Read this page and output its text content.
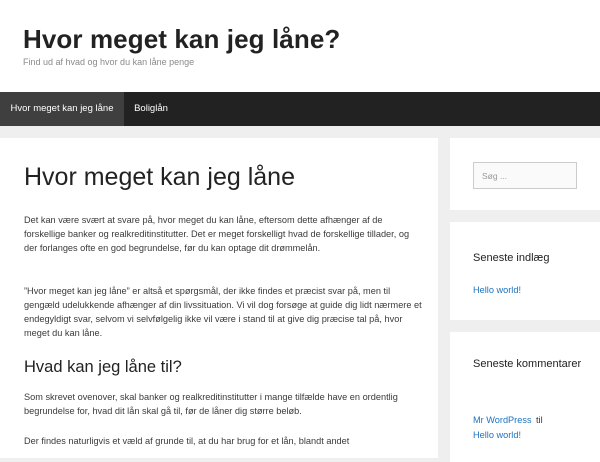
Hvor meget kan jeg låne?
Find ud af hvad og hvor du kan låne penge
Hvor meget kan jeg låne	Boliglån
Hvor meget kan jeg låne

Det kan være svært at svare på, hvor meget du kan låne, eftersom dette afhænger af de forskellige banker og realkreditinstitutter. Det er meget forskelligt hvad de forskellige tillader, og der forlanges ofte en god begrundelse, før du kan optage dit drømmelån.

”Hvor meget kan jeg låne” er altså et spørgsmål, der ikke findes et præcist svar på, men til gengæld udelukkende afhænger af din livssituation. Vi vil dog forsøge at guide dig lidt nærmere et endegyldigt svar, selvom vi selvfølgelig ikke vil være i stand til at give dig præcise tal på, hvor meget du kan låne.

Hvad kan jeg låne til?

Som skrevet ovenover, skal banker og realkreditinstitutter i mange tilfælde have en ordentlig begrundelse for, hvad dit lån skal gå til, før de låner dig større beløb.

Der findes naturligvis et væld af grunde til, at du har brug for et lån, blandt andet

Søg ...
Seneste indlæg
Hello world!
Seneste kommentarer
Mr WordPress til
Hello world!
